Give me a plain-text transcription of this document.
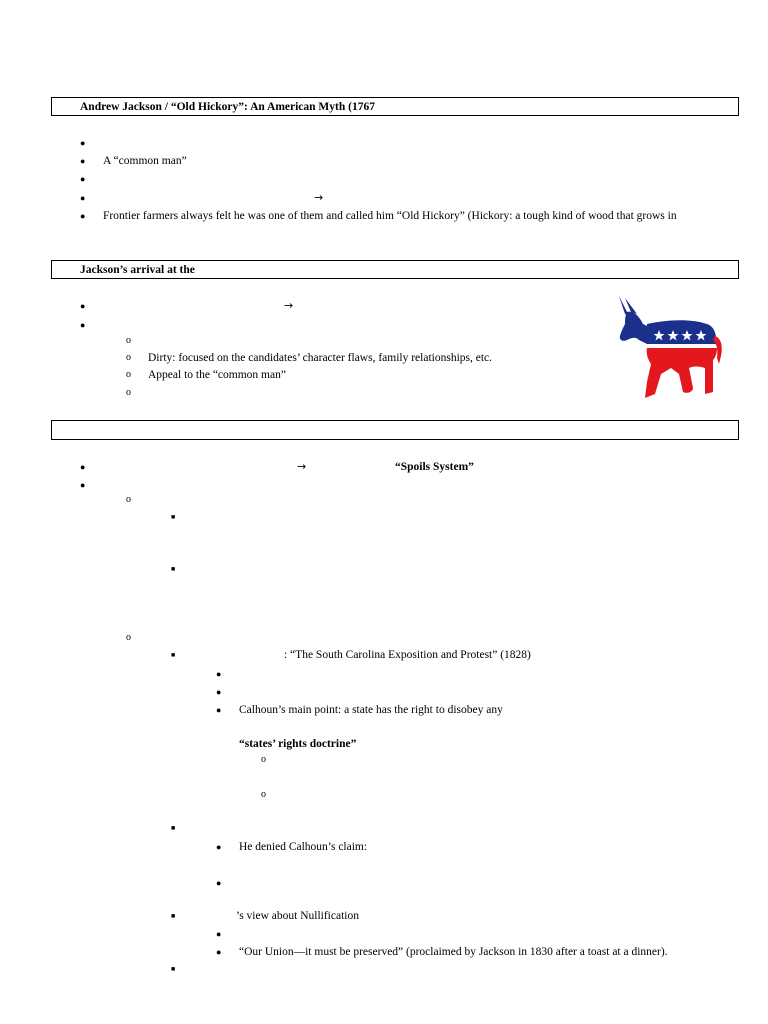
Andrew Jackson / “Old Hickory”: An American Myth (1767
●
● A “common man”
●
●	→
● Frontier farmers always felt he was one of them and called him “Old Hickory” (Hickory: a tough kind of wood that grows in
Jackson’s arrival at the
●	→
●
o
o Dirty: focused on the candidates’ character flaws, family relationships, etc.
o Appeal to the “common man”
o
●	→	“Spoils System”
●
o
■
■
o
■	: “The South Carolina Exposition and Protest” (1828)
●
●
● Calhoun’s main point: a state has the right to disobey any
“states’ rights doctrine”
o
o
■
● He denied Calhoun’s claim:
●
■	’s view about Nullification
●
● “Our Union—it must be preserved” (proclaimed by Jackson in 1830 after a toast at a dinner).
■
